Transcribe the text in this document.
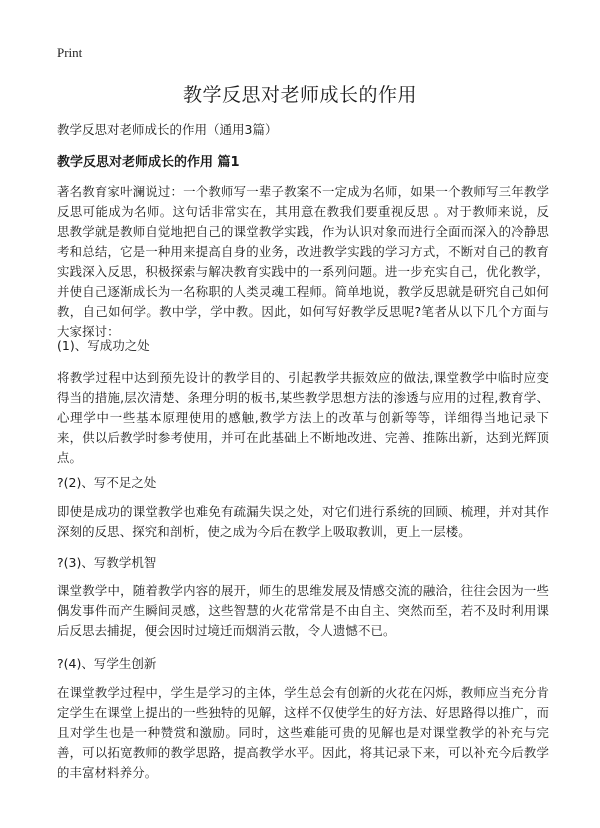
Print
教学反思对老师成长的作用

教学反思对老师成长的作用（通用3篇）

教学反思对老师成长的作用 篇1

著名教育家叶澜说过：一个教师写一辈子教案不一定成为名师，如果一个教师写三年教学反思可能成为名师。这句话非常实在，其用意在教我们要重视反思 。对于教师来说，反思教学就是教师自觉地把自己的课堂教学实践，作为认识对象而进行全面而深入的冷静思考和总结，它是一种用来提高自身的业务，改进教学实践的学习方式，不断对自己的教育实践深入反思，积极探索与解决教育实践中的一系列问题。进一步充实自己，优化教学，并使自己逐渐成长为一名称职的人类灵魂工程师。简单地说，教学反思就是研究自己如何教，自己如何学。教中学，学中教。因此，如何写好教学反思呢?笔者从以下几个方面与大家探讨：

(1)、写成功之处

将教学过程中达到预先设计的教学目的、引起教学共振效应的做法,课堂教学中临时应变得当的措施,层次清楚、条理分明的板书,某些教学思想方法的渗透与应用的过程,教育学、心理学中一些基本原理使用的感触,教学方法上的改革与创新等等，详细得当地记录下来，供以后教学时参考使用，并可在此基础上不断地改进、完善、推陈出新，达到光辉顶点。

?(2)、写不足之处

即使是成功的课堂教学也难免有疏漏失误之处，对它们进行系统的回顾、梳理，并对其作深刻的反思、探究和剖析，使之成为今后在教学上吸取教训，更上一层楼。

?(3)、写教学机智

课堂教学中，随着教学内容的展开，师生的思维发展及情感交流的融洽，往往会因为一些偶发事件而产生瞬间灵感，这些智慧的火花常常是不由自主、突然而至，若不及时利用课后反思去捕捉，便会因时过境迁而烟消云散，令人遗憾不已。

?(4)、写学生创新

在课堂教学过程中，学生是学习的主体，学生总会有创新的火花在闪烁，教师应当充分肯定学生在课堂上提出的一些独特的见解，这样不仅使学生的好方法、好思路得以推广，而且对学生也是一种赞赏和激励。同时，这些难能可贵的见解也是对课堂教学的补充与完善，可以拓宽教师的教学思路，提高教学水平。因此，将其记录下来，可以补充今后教学的丰富材料养分。
